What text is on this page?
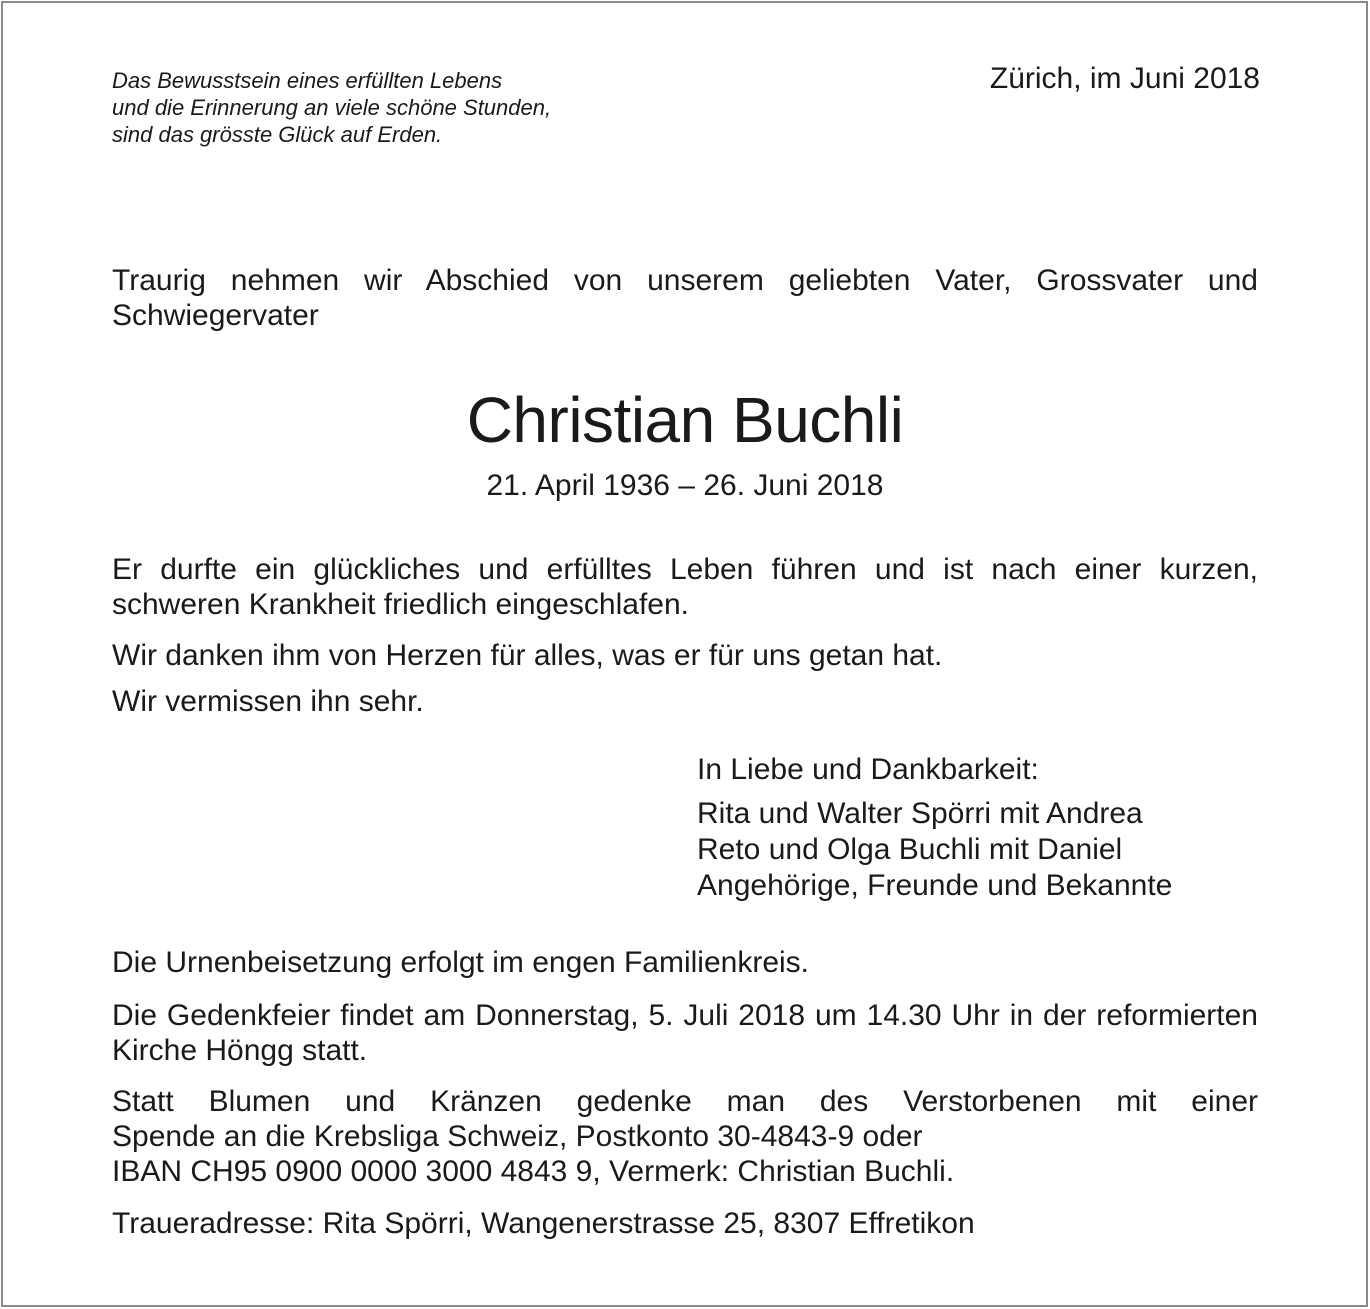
Das Bewusstsein eines erfüllten Lebens
und die Erinnerung an viele schöne Stunden,
sind das grösste Glück auf Erden.
Zürich, im Juni 2018
Traurig nehmen wir Abschied von unserem geliebten Vater, Grossvater und Schwiegervater
Christian Buchli
21. April 1936 – 26. Juni 2018
Er durfte ein glückliches und erfülltes Leben führen und ist nach einer kurzen, schweren Krankheit friedlich eingeschlafen.
Wir danken ihm von Herzen für alles, was er für uns getan hat.
Wir vermissen ihn sehr.
In Liebe und Dankbarkeit:
Rita und Walter Spörri mit Andrea
Reto und Olga Buchli mit Daniel
Angehörige, Freunde und Bekannte
Die Urnenbeisetzung erfolgt im engen Familienkreis.
Die Gedenkfeier findet am Donnerstag, 5. Juli 2018 um 14.30 Uhr in der reformierten Kirche Höngg statt.
Statt Blumen und Kränzen gedenke man des Verstorbenen mit einer
Spende an die Krebsliga Schweiz, Postkonto 30-4843-9 oder
IBAN CH95 0900 0000 3000 4843 9, Vermerk: Christian Buchli.
Traueradresse: Rita Spörri, Wangenerstrasse 25, 8307 Effretikon
